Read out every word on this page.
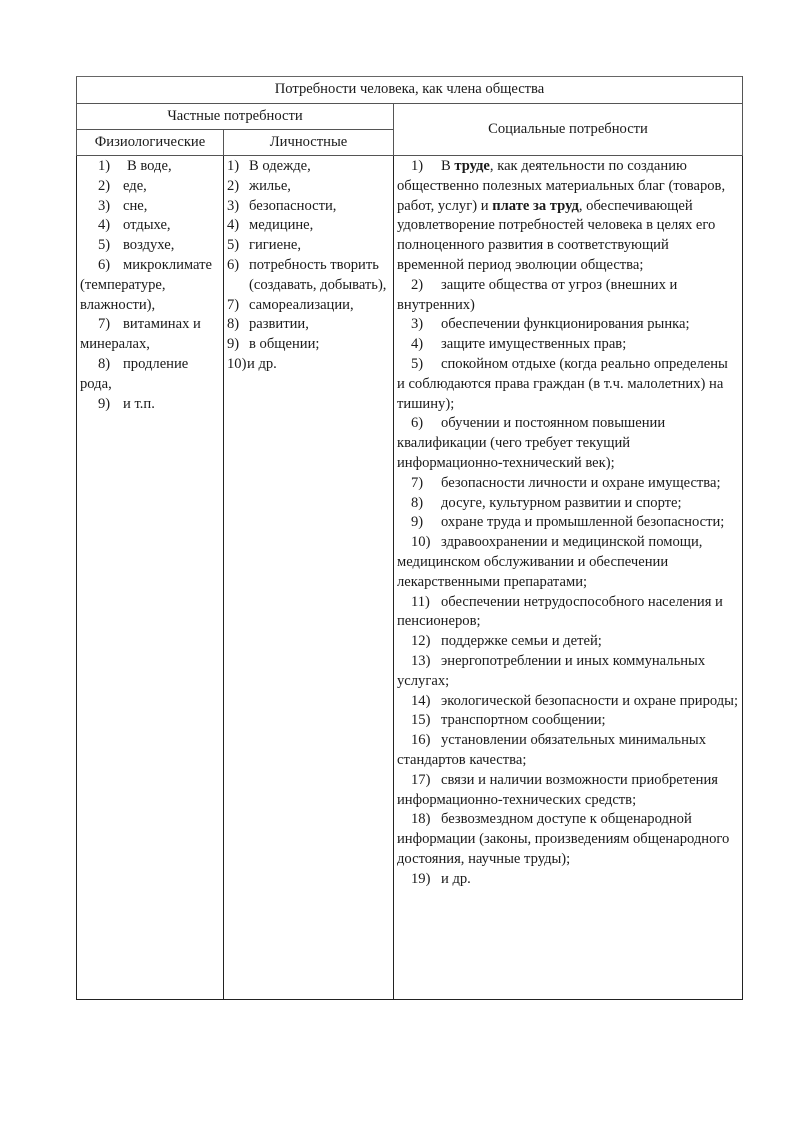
Потребности человека, как члена общества		
Частные потребности		Социальные потребности
Физиологические	Личностные	

1) В воде,
2) еде,
3) сне,
4) отдыхе,
5) воздухе,
6) микроклимате (температуре, влажности),
7) витаминах и минералах,
8) продление рода,
9) и т.п.

1) В одежде,
2) жилье,
3) безопасности,
4) медицине,
5) гигиене,
6) потребность творить (создавать, добывать),
7) самореализации,
8) развитии,
9) в общении;
10) и др.

1) В труде, как деятельности по созданию общественно полезных материальных благ (товаров, работ, услуг) и плате за труд, обеспечивающей удовлетворение потребностей человека в целях его полноценного развития в соответствующий временной период эволюции общества;
2) защите общества от угроз (внешних и внутренних)
3) обеспечении функционирования рынка;
4) защите имущественных прав;
5) спокойном отдыхе (когда реально определены и соблюдаются права граждан (в т.ч. малолетних) на тишину);
6) обучении и постоянном повышении квалификации (чего требует текущий информационно-технический век);
7) безопасности личности и охране имущества;
8) досуге, культурном развитии и спорте;
9) охране труда и промышленной безопасности;
10) здравоохранении и медицинской помощи, медицинском обслуживании и обеспечении лекарственными препаратами;
11) обеспечении нетрудоспособного населения и пенсионеров;
12) поддержке семьи и детей;
13) энергопотреблении и иных коммунальных услугах;
14) экологической безопасности и охране природы;
15) транспортном сообщении;
16) установлении обязательных минимальных стандартов качества;
17) связи и наличии возможности приобретения информационно-технических средств;
18) безвозмездном доступе к общенародной информации (законы, произведениям общенародного достояния, научные труды);
19) и др.
